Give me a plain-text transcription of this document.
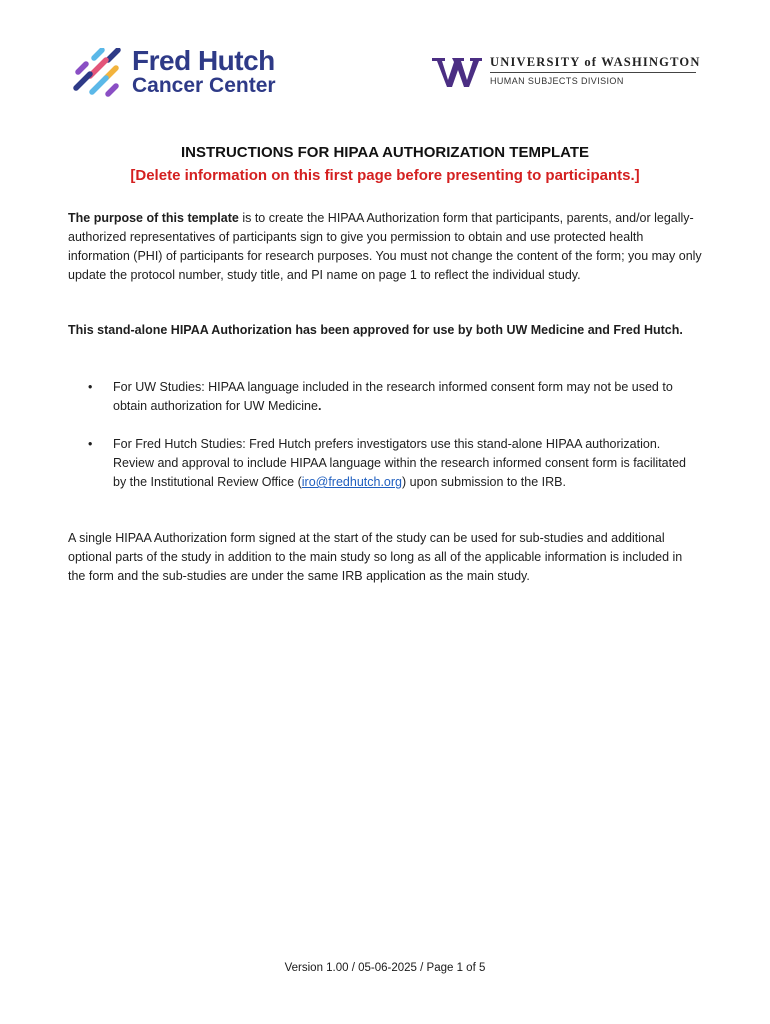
Fred Hutch
Cancer Center
UNIVERSITY of WASHINGTON
HUMAN SUBJECTS DIVISION
INSTRUCTIONS FOR HIPAA AUTHORIZATION TEMPLATE
[Delete information on this first page before presenting to participants.]
The purpose of this template is to create the HIPAA Authorization form that participants, parents, and/or legally-authorized representatives of participants sign to give you permission to obtain and use protected health information (PHI) of participants for research purposes. You must not change the content of the form; you may only update the protocol number, study title, and PI name on page 1 to reflect the individual study.
This stand-alone HIPAA Authorization has been approved for use by both UW Medicine and Fred Hutch.
• For UW Studies: HIPAA language included in the research informed consent form may not be used to obtain authorization for UW Medicine.
• For Fred Hutch Studies: Fred Hutch prefers investigators use this stand-alone HIPAA authorization. Review and approval to include HIPAA language within the research informed consent form is facilitated by the Institutional Review Office (iro@fredhutch.org) upon submission to the IRB.
A single HIPAA Authorization form signed at the start of the study can be used for sub-studies and additional optional parts of the study in addition to the main study so long as all of the applicable information is included in the form and the sub-studies are under the same IRB application as the main study.
Version 1.00 / 05-06-2025 / Page 1 of 5
